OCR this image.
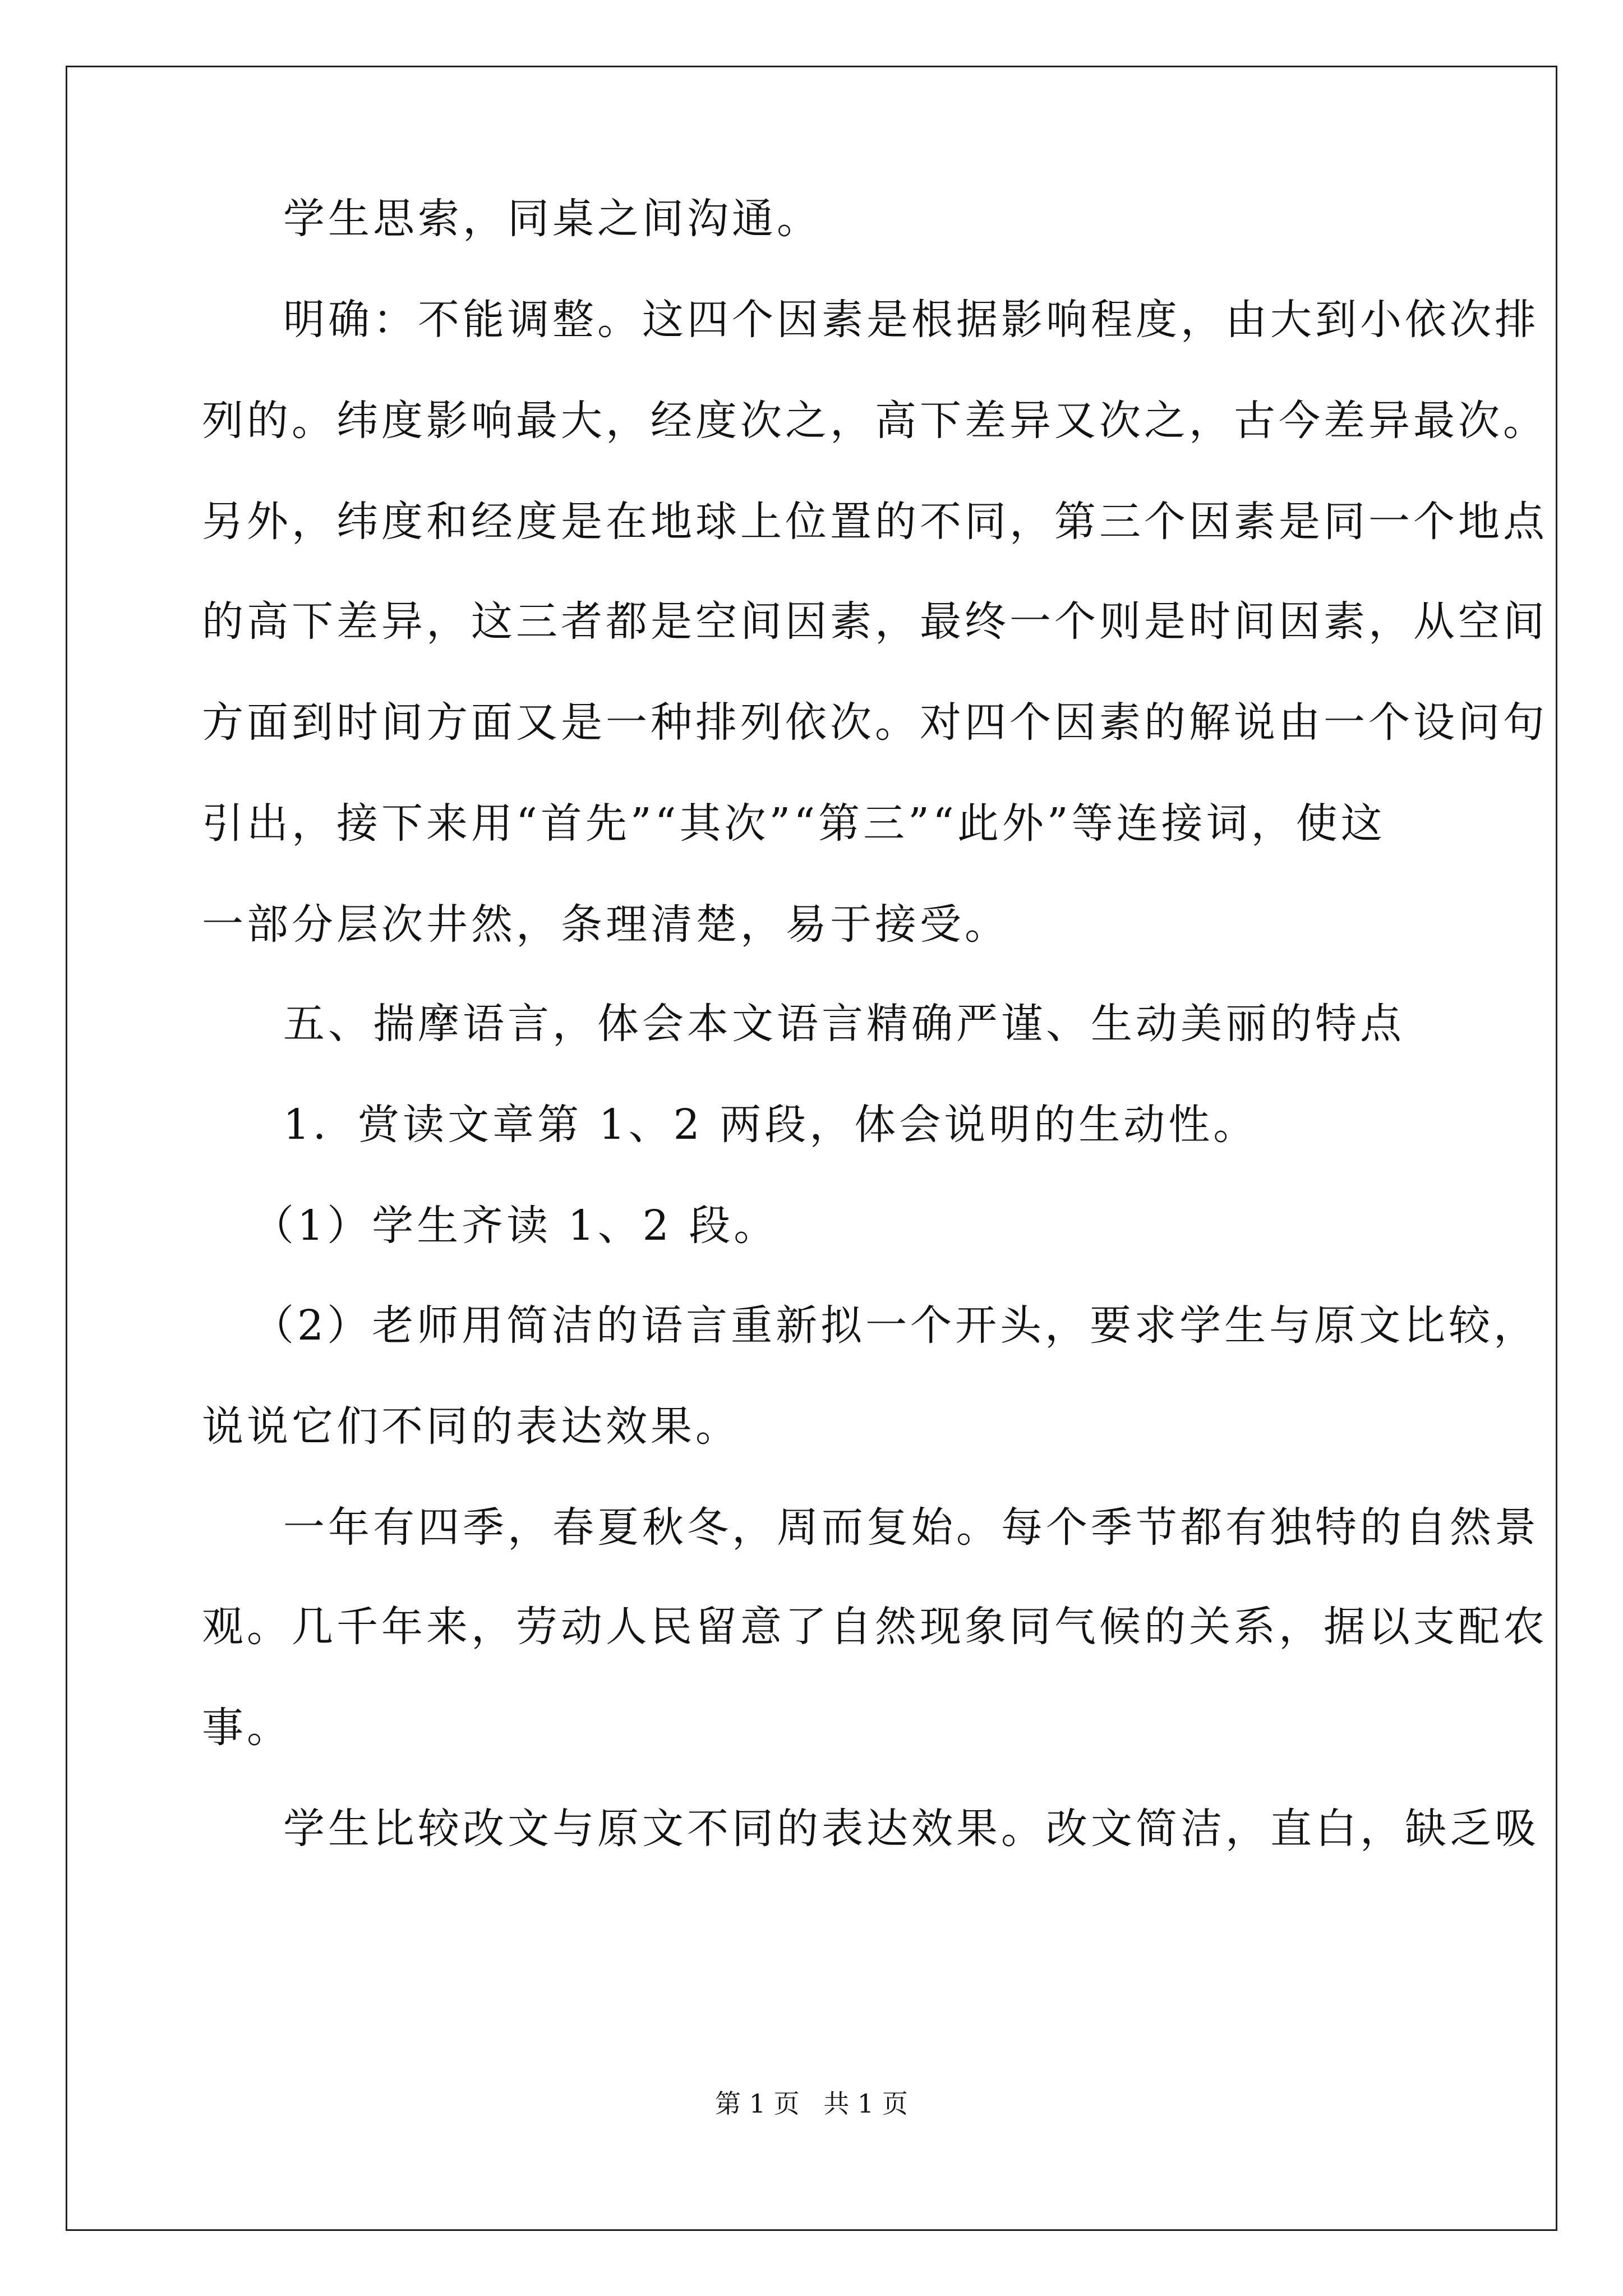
学生思索，同桌之间沟通。
明确：不能调整。这四个因素是根据影响程度，由大到小依次排
列的。纬度影响最大，经度次之，高下差异又次之，古今差异最次。
另外，纬度和经度是在地球上位置的不同，第三个因素是同一个地点
的高下差异，这三者都是空间因素，最终一个则是时间因素，从空间
方面到时间方面又是一种排列依次。对四个因素的解说由一个设问句
引出，接下来用“首先”“其次”“第三”“此外”等连接词，使这
一部分层次井然，条理清楚，易于接受。
五、揣摩语言，体会本文语言精确严谨、生动美丽的特点
1．赏读文章第 1、2 两段，体会说明的生动性。
（1）学生齐读 1、2 段。
（2）老师用简洁的语言重新拟一个开头，要求学生与原文比较，
说说它们不同的表达效果。
一年有四季，春夏秋冬，周而复始。每个季节都有独特的自然景
观。几千年来，劳动人民留意了自然现象同气候的关系，据以支配农
事。
学生比较改文与原文不同的表达效果。改文简洁，直白，缺乏吸
第 1 页 共 1 页
